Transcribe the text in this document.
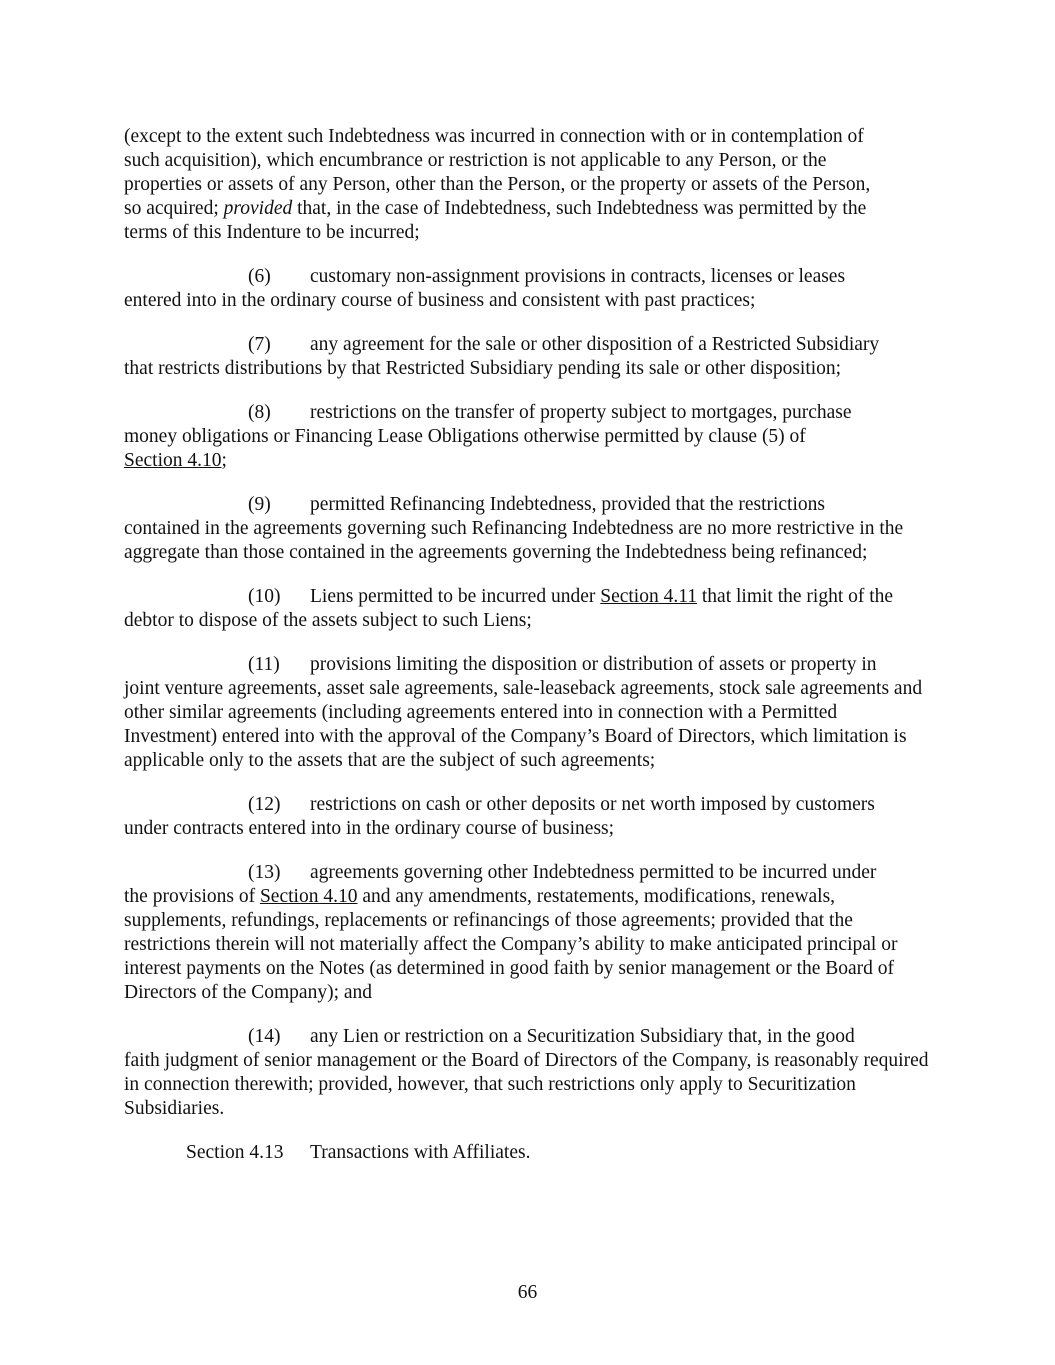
(except to the extent such Indebtedness was incurred in connection with or in contemplation of
such acquisition), which encumbrance or restriction is not applicable to any Person, or the
properties or assets of any Person, other than the Person, or the property or assets of the Person,
so acquired; provided that, in the case of Indebtedness, such Indebtedness was permitted by the
terms of this Indenture to be incurred;
(6) customary non-assignment provisions in contracts, licenses or leases
entered into in the ordinary course of business and consistent with past practices;
(7) any agreement for the sale or other disposition of a Restricted Subsidiary
that restricts distributions by that Restricted Subsidiary pending its sale or other disposition;
(8) restrictions on the transfer of property subject to mortgages, purchase
money obligations or Financing Lease Obligations otherwise permitted by clause (5) of
Section 4.10;
(9) permitted Refinancing Indebtedness, provided that the restrictions
contained in the agreements governing such Refinancing Indebtedness are no more restrictive in the aggregate than those contained in the agreements governing the Indebtedness being refinanced;
(10) Liens permitted to be incurred under Section 4.11 that limit the right of the
debtor to dispose of the assets subject to such Liens;
(11) provisions limiting the disposition or distribution of assets or property in
joint venture agreements, asset sale agreements, sale-leaseback agreements, stock sale agreements and other similar agreements (including agreements entered into in connection with a Permitted Investment) entered into with the approval of the Company’s Board of Directors, which limitation is applicable only to the assets that are the subject of such agreements;
(12) restrictions on cash or other deposits or net worth imposed by customers
under contracts entered into in the ordinary course of business;
(13) agreements governing other Indebtedness permitted to be incurred under
the provisions of Section 4.10 and any amendments, restatements, modifications, renewals, supplements, refundings, replacements or refinancings of those agreements; provided that the restrictions therein will not materially affect the Company’s ability to make anticipated principal or interest payments on the Notes (as determined in good faith by senior management or the Board of Directors of the Company); and
(14) any Lien or restriction on a Securitization Subsidiary that, in the good
faith judgment of senior management or the Board of Directors of the Company, is reasonably required in connection therewith; provided, however, that such restrictions only apply to Securitization Subsidiaries.
Section 4.13 Transactions with Affiliates.
66
